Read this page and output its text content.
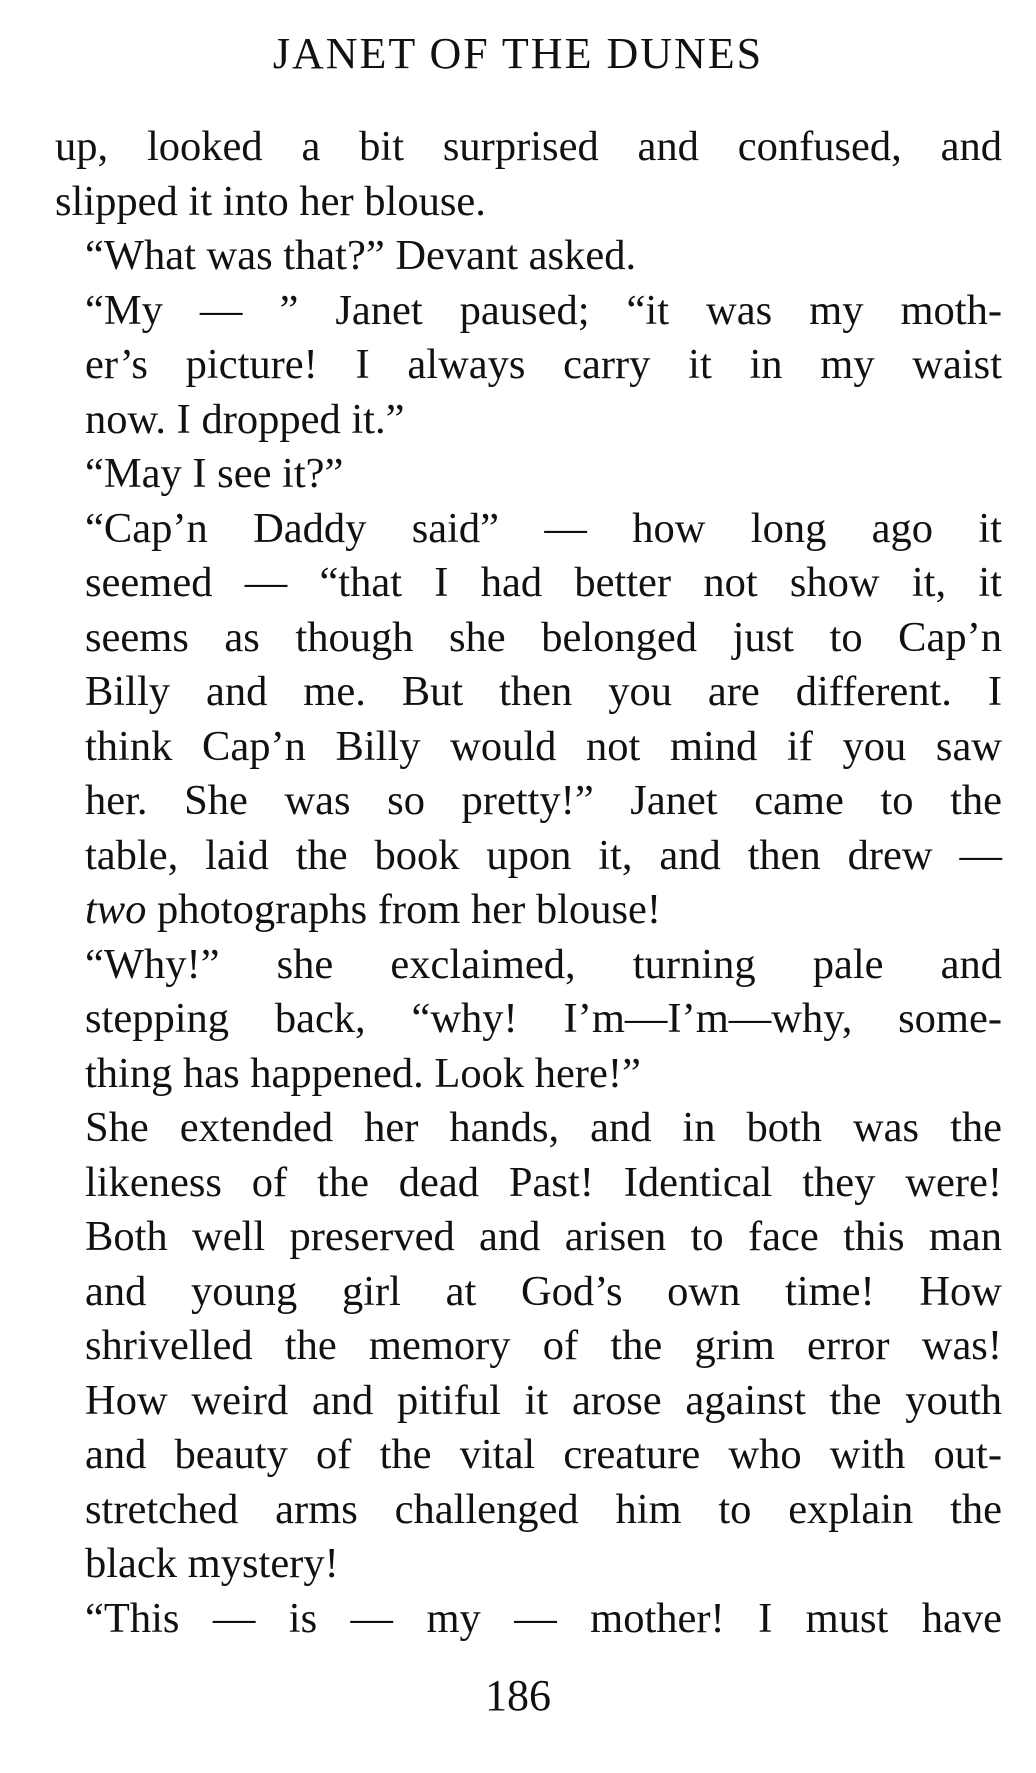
JANET OF THE DUNES

up, looked a bit surprised and confused, and
slipped it into her blouse.

“What was that?” Devant asked.

“My — ” Janet paused; “it was my moth-
er’s picture! I always carry it in my waist
now. I dropped it.”

“May I see it?”

“Cap’n Daddy said” — how long ago it
seemed — “that I had better not show it, it
seems as though she belonged just to Cap’n
Billy and me. But then you are different. I
think Cap’n Billy would not mind if you saw
her. She was so pretty!” Janet came to the
table, laid the book upon it, and then drew —
two photographs from her blouse!

“Why!” she exclaimed, turning pale and
stepping back, “why! I’m—I’m—why, some-
thing has happened. Look here!”

She extended her hands, and in both was the
likeness of the dead Past! Identical they were!
Both well preserved and arisen to face this man
and young girl at God’s own time! How
shrivelled the memory of the grim error was!
How weird and pitiful it arose against the youth
and beauty of the vital creature who with out-
stretched arms challenged him to explain the
black mystery!

“This — is — my — mother! I must have

186
